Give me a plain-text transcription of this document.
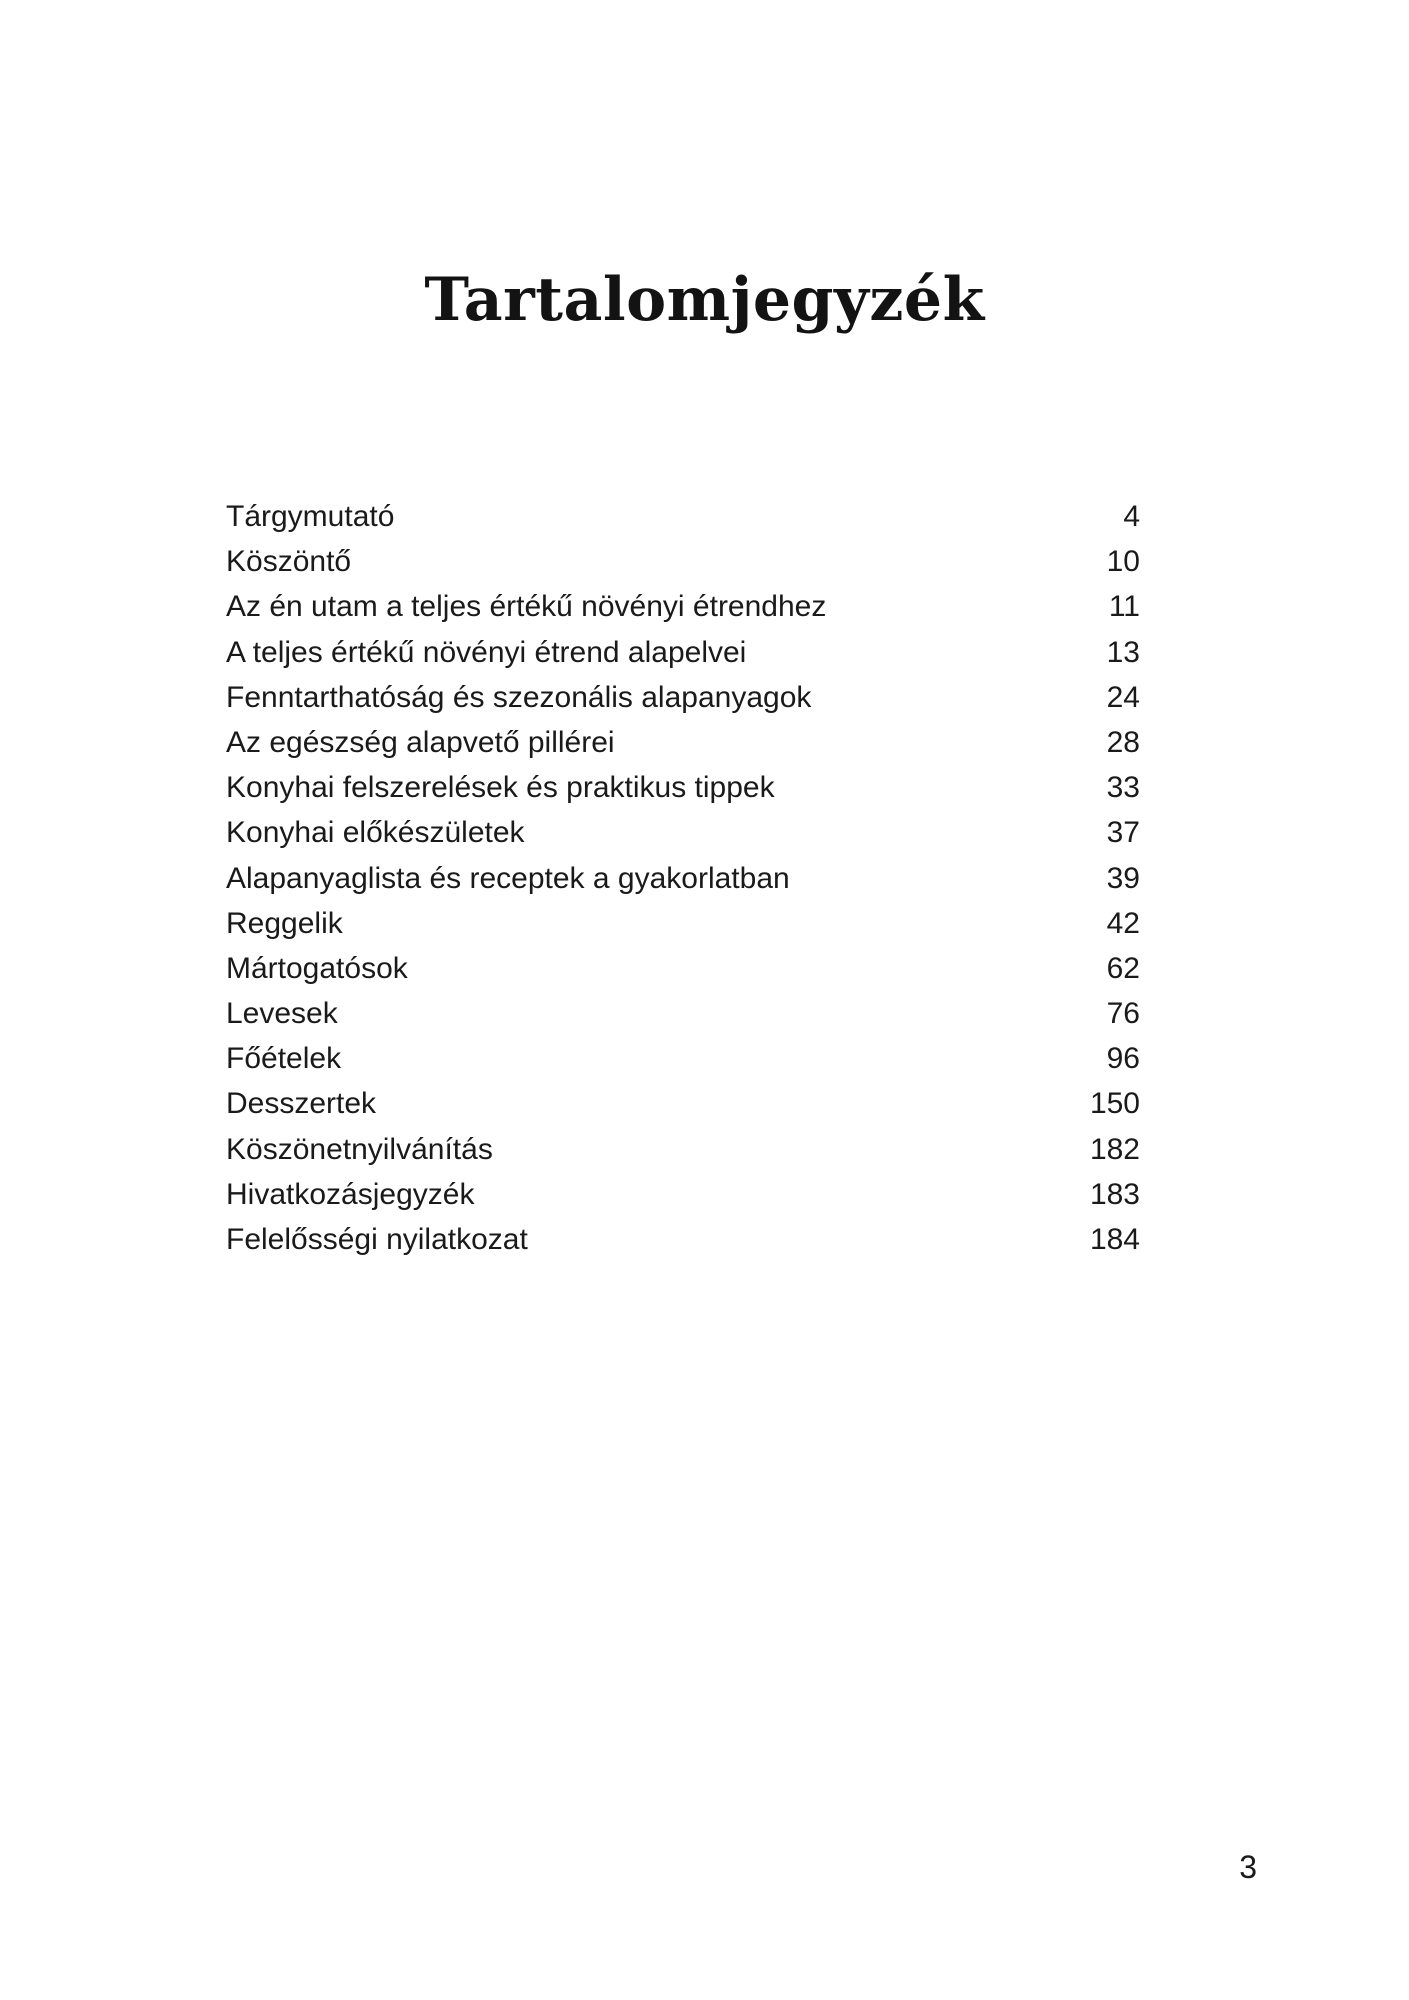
Tartalomjegyzék
Tárgymutató	4
Köszöntő	10
Az én utam a teljes értékű növényi étrendhez	11
A teljes értékű növényi étrend alapelvei	13
Fenntarthatóság és szezonális alapanyagok	24
Az egészség alapvető pillérei	28
Konyhai felszerelések és praktikus tippek	33
Konyhai előkészületek	37
Alapanyaglista és receptek a gyakorlatban	39
Reggelik	42
Mártogatósok	62
Levesek	76
Főételek	96
Desszertek	150
Köszönetnyilvánítás	182
Hivatkozásjegyzék	183
Felelősségi nyilatkozat	184
3
